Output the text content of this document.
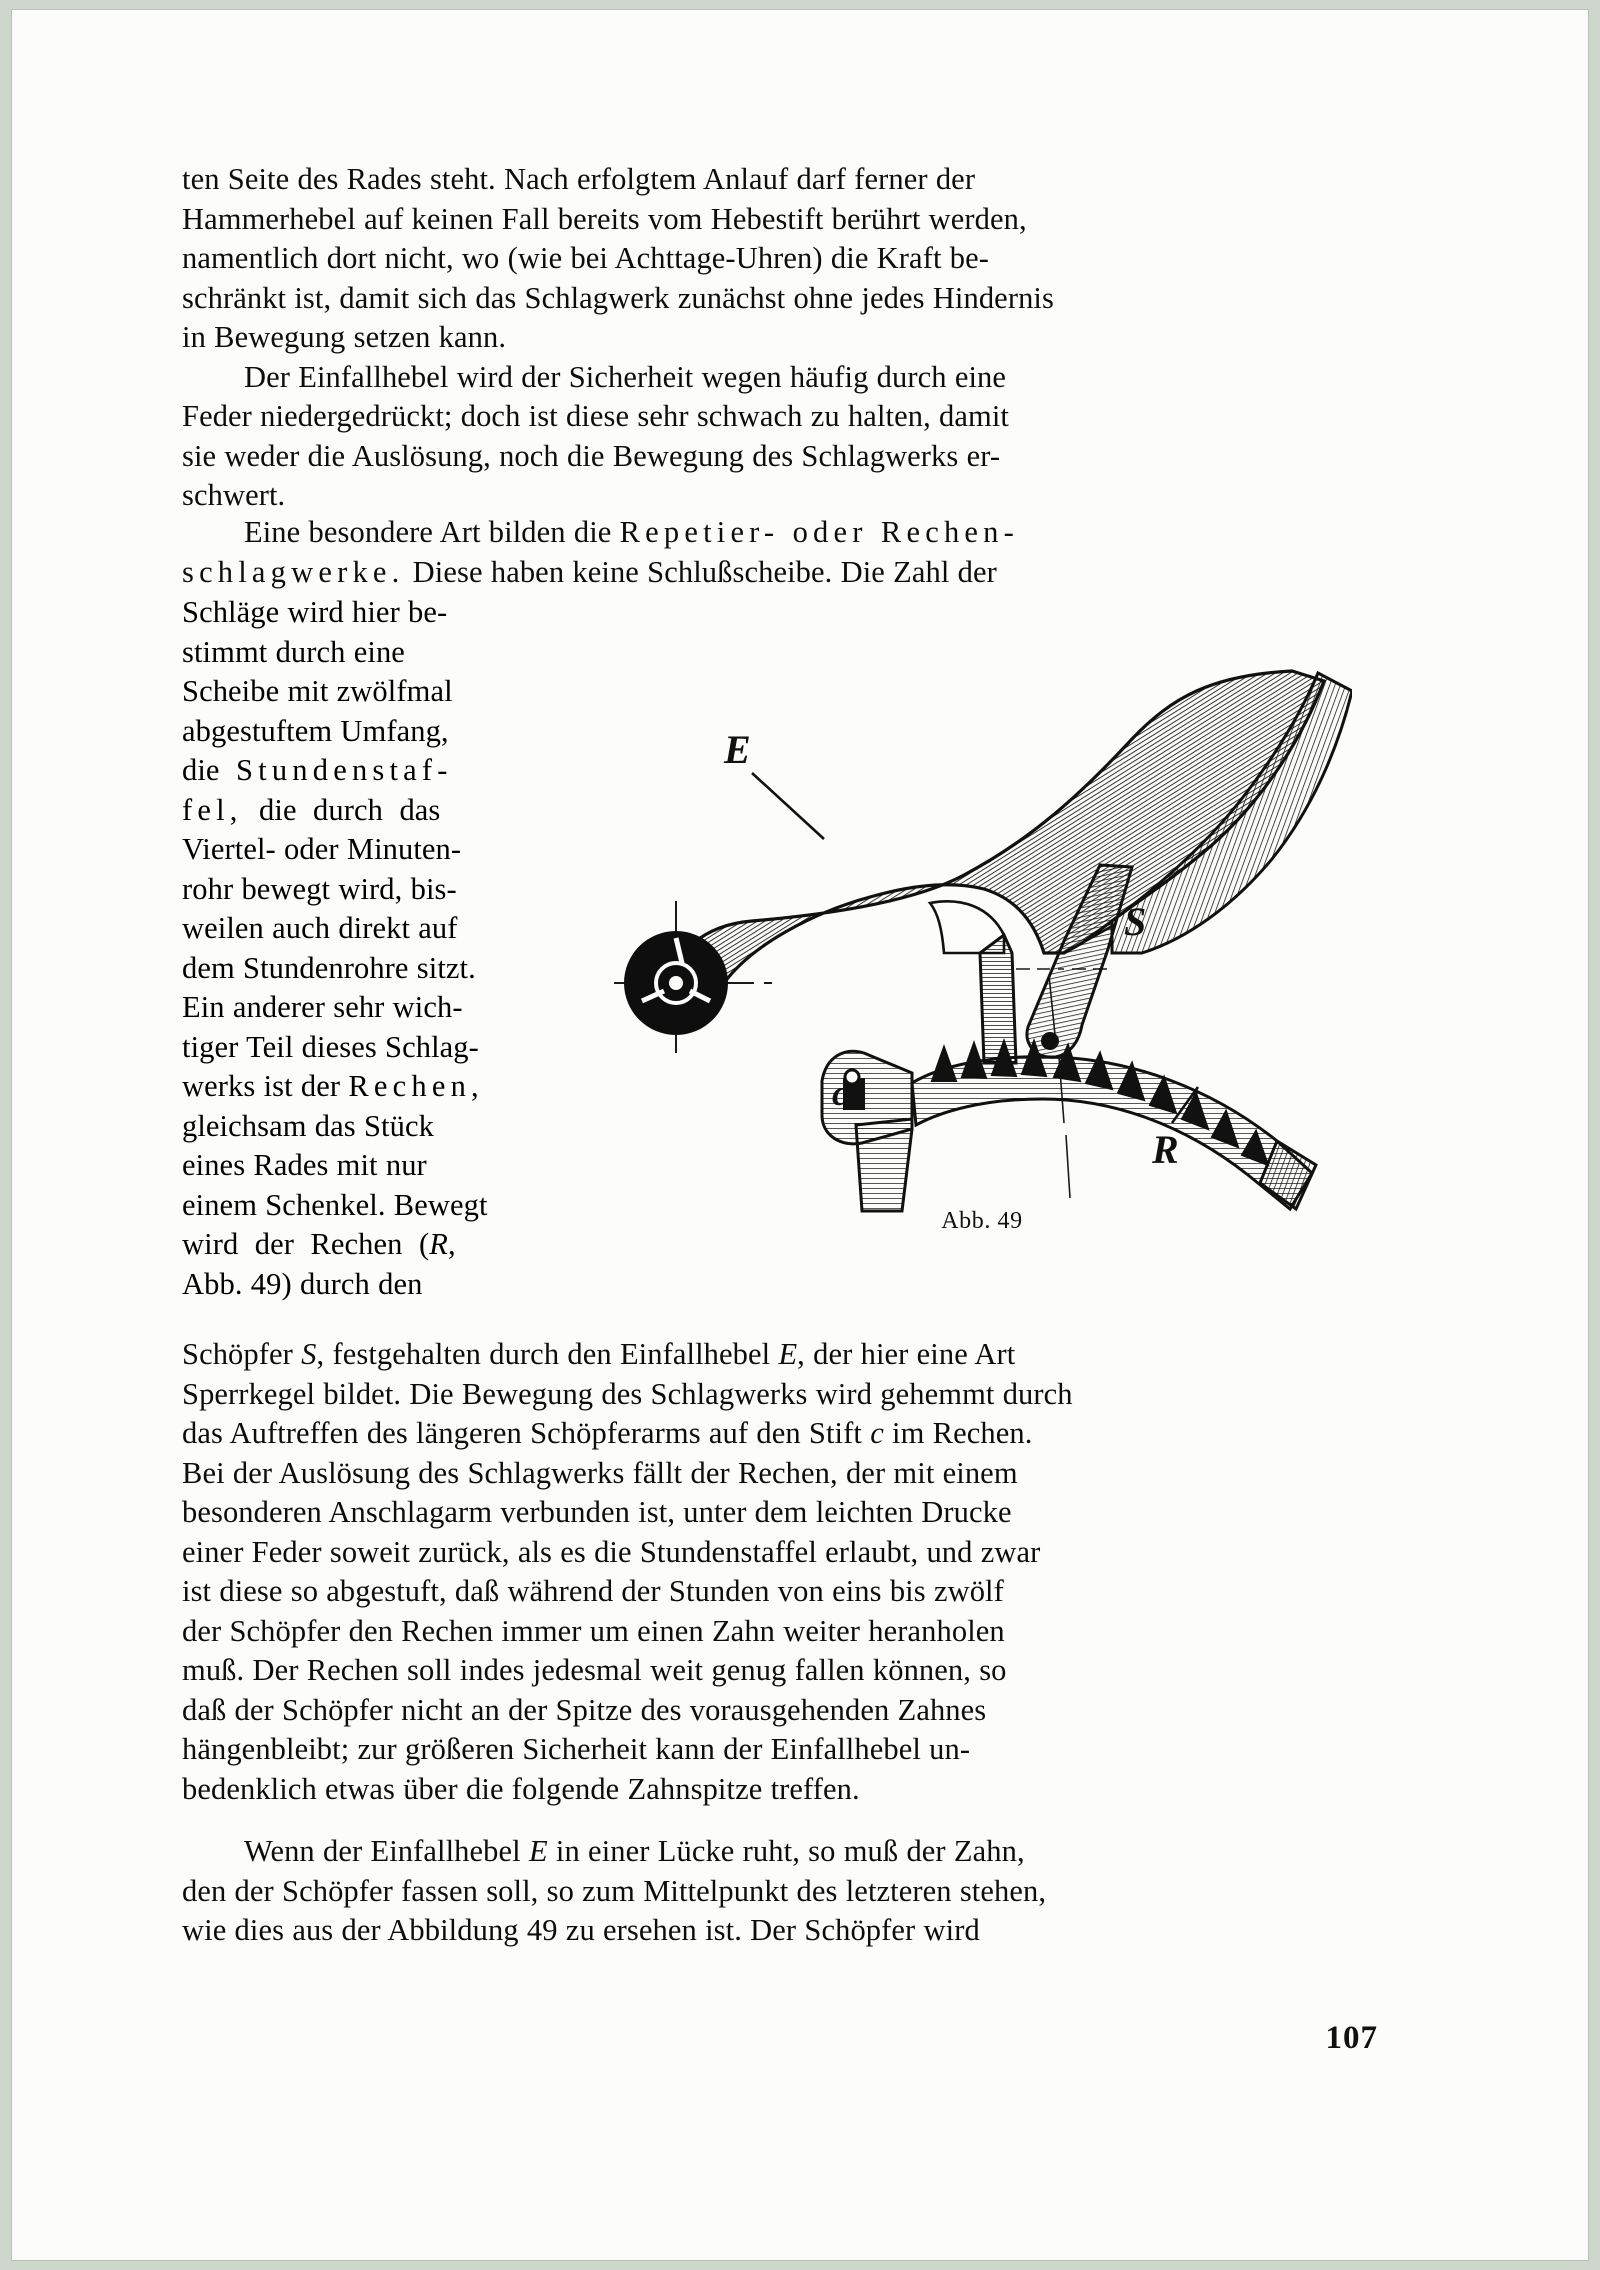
ten Seite des Rades steht. Nach erfolgtem Anlauf darf ferner der
Hammerhebel auf keinen Fall bereits vom Hebestift berührt werden,
namentlich dort nicht, wo (wie bei Achttage-Uhren) die Kraft be-
schränkt ist, damit sich das Schlagwerk zunächst ohne jedes Hindernis
in Bewegung setzen kann.

Der Einfallhebel wird der Sicherheit wegen häufig durch eine
Feder niedergedrückt; doch ist diese sehr schwach zu halten, damit
sie weder die Auslösung, noch die Bewegung des Schlagwerks er-
schwert.

Eine besondere Art bilden die Repetier- oder Rechen-
schlagwerke. Diese haben keine Schlußscheibe. Die Zahl der

Schläge wird hier be-
stimmt durch eine
Scheibe mit zwölfmal
abgestuftem Umfang,
die  Stundenstaf-
fel,  die  durch  das
Viertel- oder Minuten-
rohr bewegt wird, bis-
weilen auch direkt auf
dem Stundenrohre sitzt.
Ein anderer sehr wich-
tiger Teil dieses Schlag-
werks ist der Rechen,
gleichsam das Stück
eines Rades mit nur
einem Schenkel. Bewegt
wird  der  Rechen  (R,
Abb. 49) durch den
E
S
c
R
Abb. 49

Schöpfer S, festgehalten durch den Einfallhebel E, der hier eine Art
Sperrkegel bildet. Die Bewegung des Schlagwerks wird gehemmt durch
das Auftreffen des längeren Schöpferarms auf den Stift c im Rechen.
Bei der Auslösung des Schlagwerks fällt der Rechen, der mit einem
besonderen Anschlagarm verbunden ist, unter dem leichten Drucke
einer Feder soweit zurück, als es die Stundenstaffel erlaubt, und zwar
ist diese so abgestuft, daß während der Stunden von eins bis zwölf
der Schöpfer den Rechen immer um einen Zahn weiter heranholen
muß. Der Rechen soll indes jedesmal weit genug fallen können, so
daß der Schöpfer nicht an der Spitze des vorausgehenden Zahnes
hängenbleibt; zur größeren Sicherheit kann der Einfallhebel un-
bedenklich etwas über die folgende Zahnspitze treffen.

Wenn der Einfallhebel E in einer Lücke ruht, so muß der Zahn,
den der Schöpfer fassen soll, so zum Mittelpunkt des letzteren stehen,
wie dies aus der Abbildung 49 zu ersehen ist. Der Schöpfer wird

107
